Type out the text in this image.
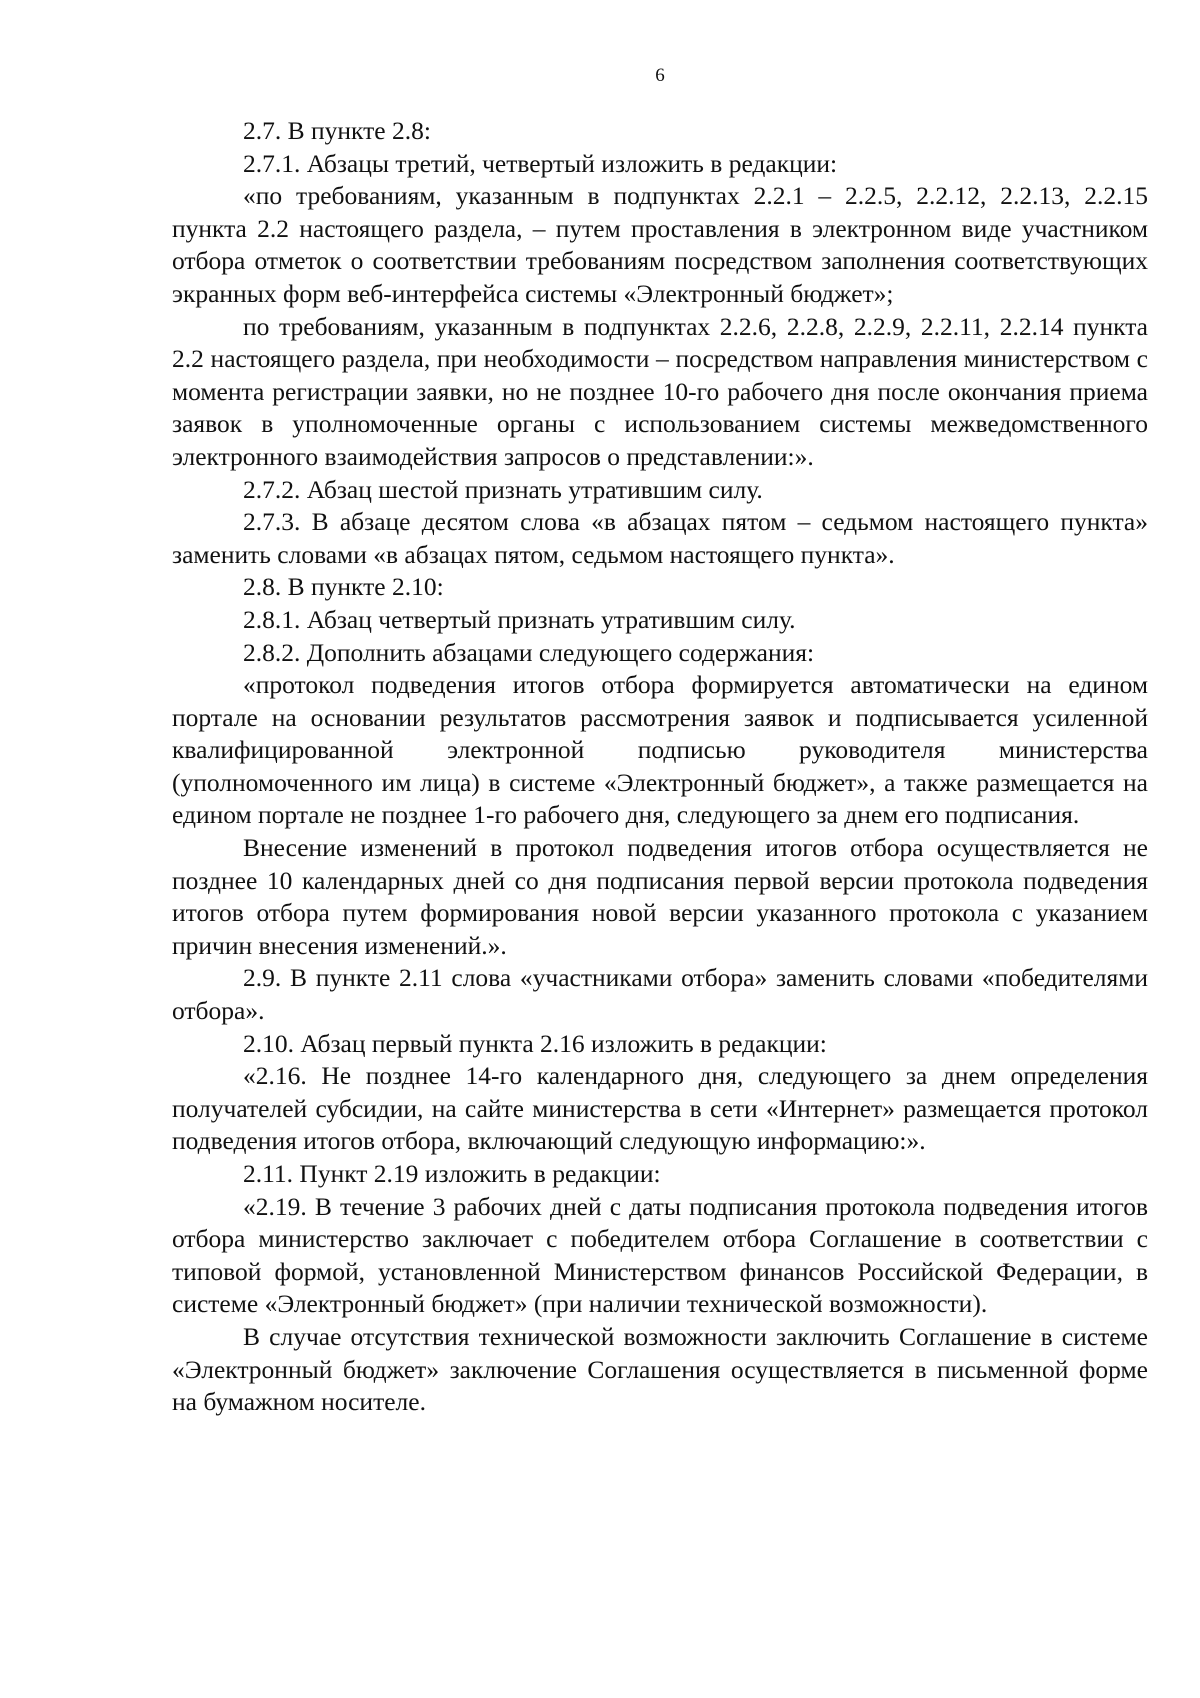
6

2.7. В пункте 2.8:

2.7.1. Абзацы третий, четвертый изложить в редакции:

«по требованиям, указанным в подпунктах 2.2.1 – 2.2.5, 2.2.12, 2.2.13, 2.2.15 пункта 2.2 настоящего раздела, – путем проставления в электронном виде участником отбора отметок о соответствии требованиям посредством заполнения соответствующих экранных форм веб-интерфейса системы «Электронный бюджет»;

по требованиям, указанным в подпунктах 2.2.6, 2.2.8, 2.2.9, 2.2.11, 2.2.14 пункта 2.2 настоящего раздела, при необходимости – посредством направления министерством с момента регистрации заявки, но не позднее 10-го рабочего дня после окончания приема заявок в уполномоченные органы с использованием системы межведомственного электронного взаимодействия запросов о представлении:».

2.7.2. Абзац шестой признать утратившим силу.

2.7.3. В абзаце десятом слова «в абзацах пятом – седьмом настоящего пункта» заменить словами «в абзацах пятом, седьмом настоящего пункта».

2.8. В пункте 2.10:

2.8.1. Абзац четвертый признать утратившим силу.

2.8.2. Дополнить абзацами следующего содержания:

«протокол подведения итогов отбора формируется автоматически на едином портале на основании результатов рассмотрения заявок и подписывается усиленной квалифицированной электронной подписью руководителя министерства (уполномоченного им лица) в системе «Электронный бюджет», а также размещается на едином портале не позднее 1-го рабочего дня, следующего за днем его подписания.

Внесение изменений в протокол подведения итогов отбора осуществляется не позднее 10 календарных дней со дня подписания первой версии протокола подведения итогов отбора путем формирования новой версии указанного протокола с указанием причин внесения изменений.».

2.9. В пункте 2.11 слова «участниками отбора» заменить словами «победителями отбора».

2.10. Абзац первый пункта 2.16 изложить в редакции:

«2.16. Не позднее 14-го календарного дня, следующего за днем определения получателей субсидии, на сайте министерства в сети «Интернет» размещается протокол подведения итогов отбора, включающий следующую информацию:».

2.11. Пункт 2.19 изложить в редакции:

«2.19. В течение 3 рабочих дней с даты подписания протокола подведения итогов отбора министерство заключает с победителем отбора Соглашение в соответствии с типовой формой, установленной Министерством финансов Российской Федерации, в системе «Электронный бюджет» (при наличии технической возможности).

В случае отсутствия технической возможности заключить Соглашение в системе «Электронный бюджет» заключение Соглашения осуществляется в письменной форме на бумажном носителе.
